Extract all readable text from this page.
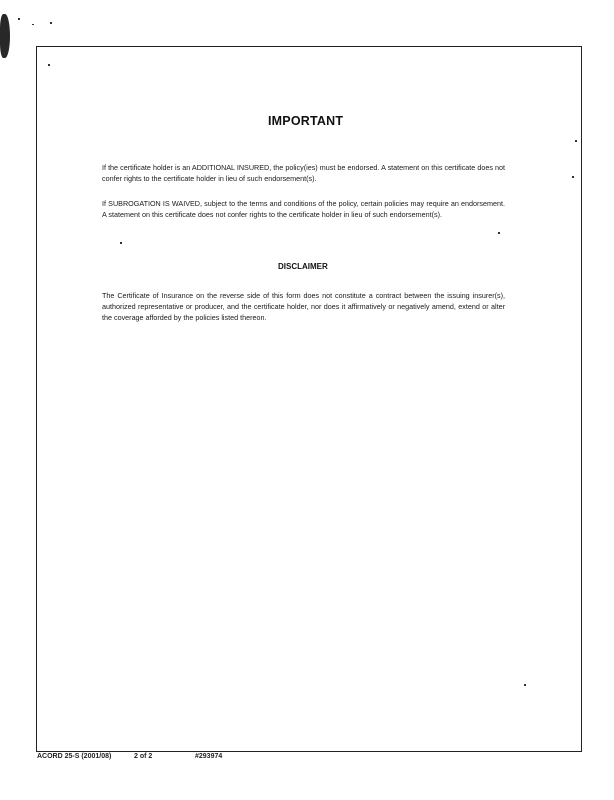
IMPORTANT
If the certificate holder is an ADDITIONAL INSURED, the policy(ies) must be endorsed. A statement on this certificate does not confer rights to the certificate holder in lieu of such endorsement(s).
If SUBROGATION IS WAIVED, subject to the terms and conditions of the policy, certain policies may require an endorsement. A statement on this certificate does not confer rights to the certificate holder in lieu of such endorsement(s).
DISCLAIMER
The Certificate of Insurance on the reverse side of this form does not constitute a contract between the issuing insurer(s), authorized representative or producer, and the certificate holder, nor does it affirmatively or negatively amend, extend or alter the coverage afforded by the policies listed thereon.
ACORD 25-S (2001/08)	2 of 2	#293974
